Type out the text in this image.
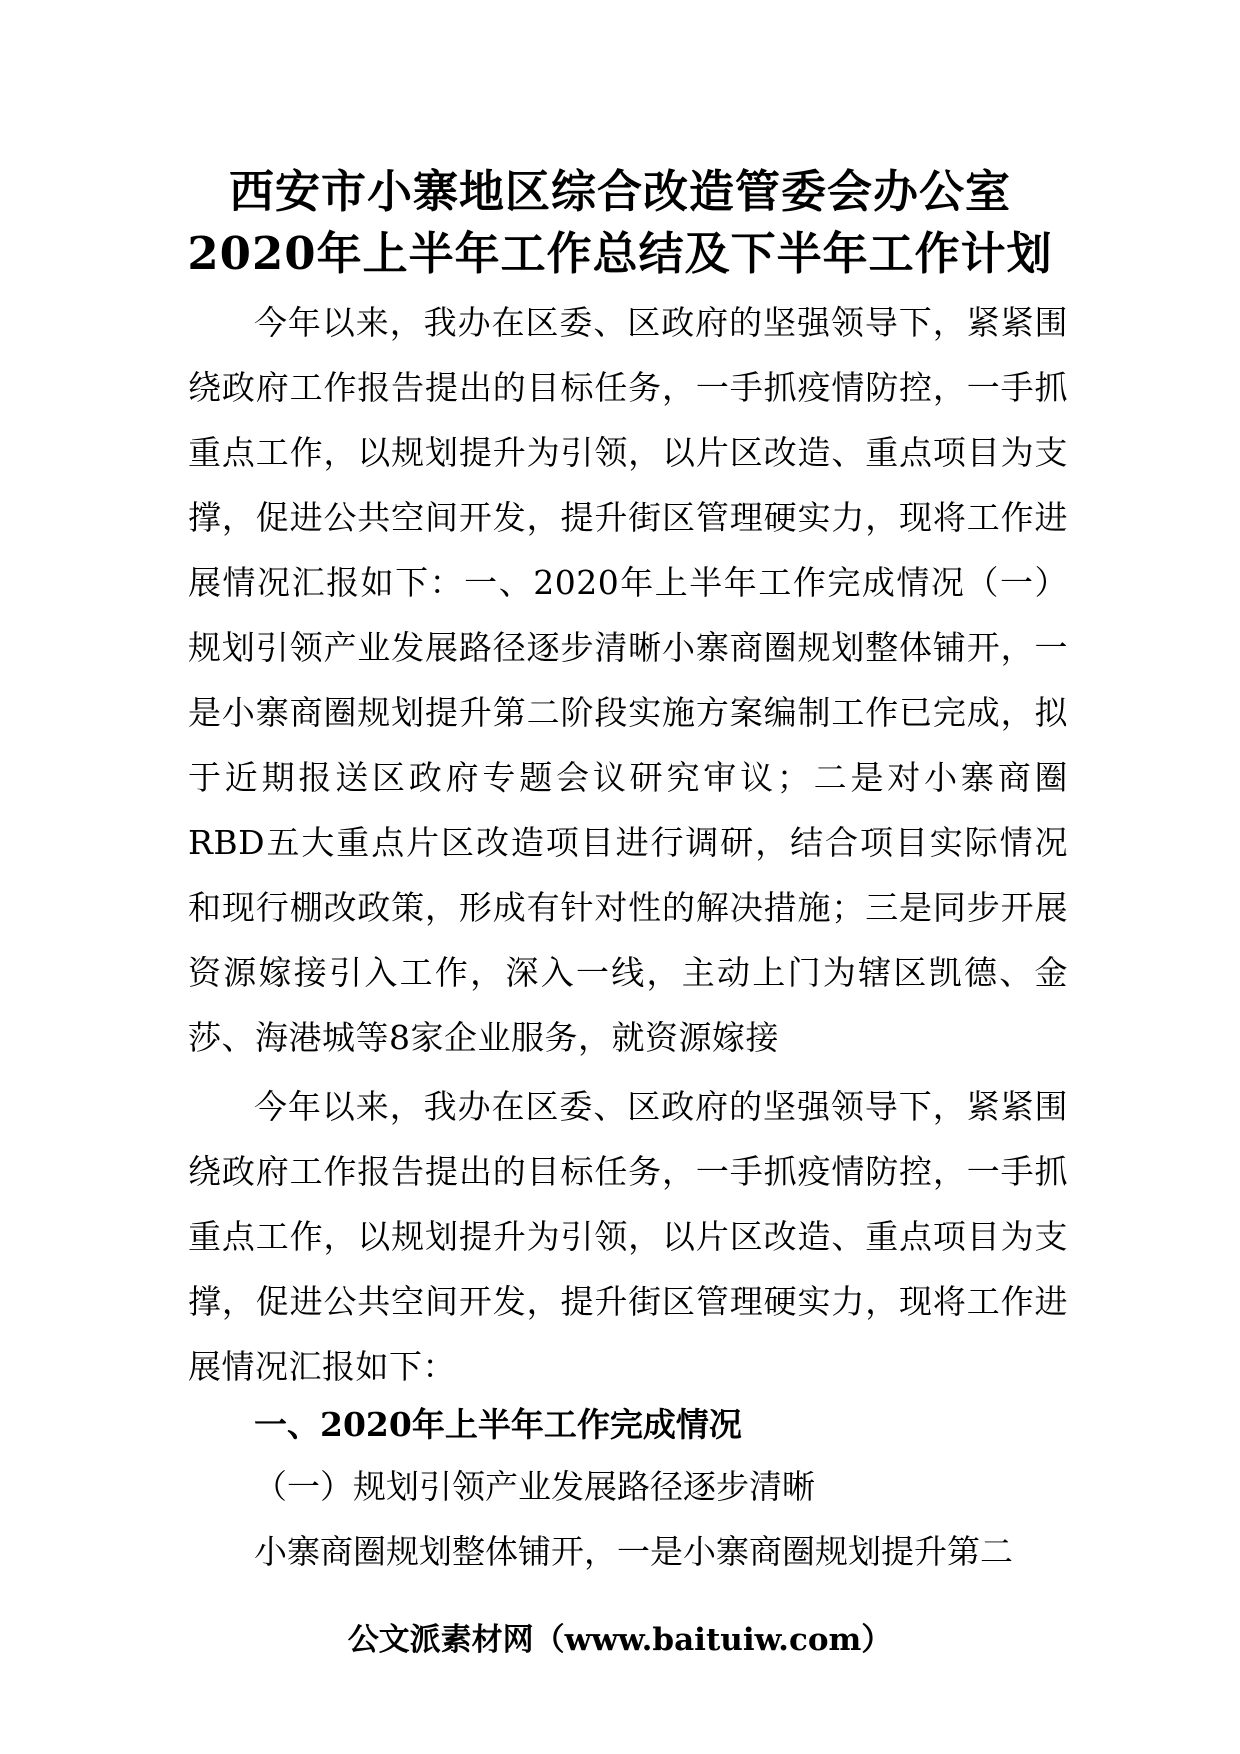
西安市小寨地区综合改造管委会办公室
2020年上半年工作总结及下半年工作计划

今年以来，我办在区委、区政府的坚强领导下，紧紧围绕政府工作报告提出的目标任务，一手抓疫情防控，一手抓重点工作，以规划提升为引领，以片区改造、重点项目为支撑，促进公共空间开发，提升街区管理硬实力，现将工作进展情况汇报如下：一、2020年上半年工作完成情况（一）规划引领产业发展路径逐步清晰小寨商圈规划整体铺开，一是小寨商圈规划提升第二阶段实施方案编制工作已完成，拟于近期报送区政府专题会议研究审议；二是对小寨商圈RBD五大重点片区改造项目进行调研，结合项目实际情况和现行棚改政策，形成有针对性的解决措施；三是同步开展资源嫁接引入工作，深入一线，主动上门为辖区凯德、金莎、海港城等8家企业服务，就资源嫁接

今年以来，我办在区委、区政府的坚强领导下，紧紧围绕政府工作报告提出的目标任务，一手抓疫情防控，一手抓重点工作，以规划提升为引领，以片区改造、重点项目为支撑，促进公共空间开发，提升街区管理硬实力，现将工作进展情况汇报如下：

一、2020年上半年工作完成情况

（一）规划引领产业发展路径逐步清晰

小寨商圈规划整体铺开，一是小寨商圈规划提升第二

公文派素材网（www.baituiw.com）
